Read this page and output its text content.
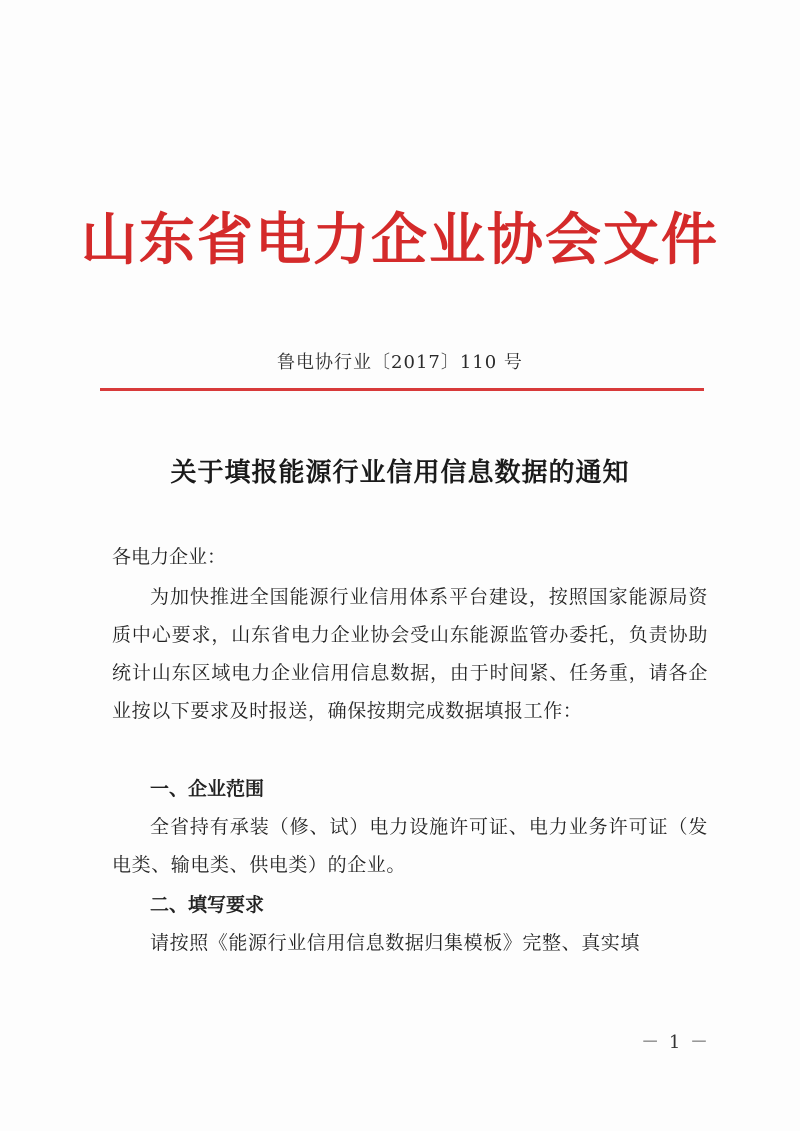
山东省电力企业协会文件
鲁电协行业〔2017〕110 号
关于填报能源行业信用信息数据的通知
各电力企业：
为加快推进全国能源行业信用体系平台建设，按照国家能源局资质中心要求，山东省电力企业协会受山东能源监管办委托，负责协助统计山东区域电力企业信用信息数据，由于时间紧、任务重，请各企业按以下要求及时报送，确保按期完成数据填报工作：
一、企业范围
全省持有承装（修、试）电力设施许可证、电力业务许可证（发电类、输电类、供电类）的企业。
二、填写要求
请按照《能源行业信用信息数据归集模板》完整、真实填
－ 1 －
